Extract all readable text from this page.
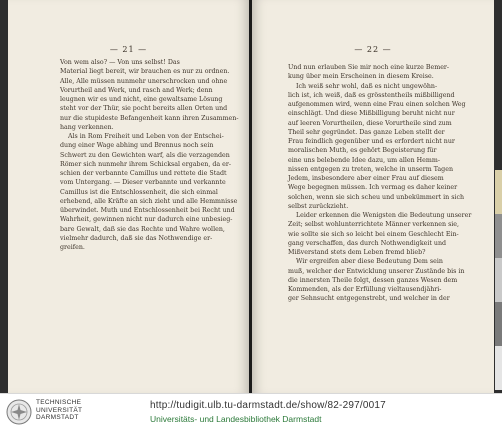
— 21 —
Von wem also? — Von uns selbst! Das
Material liegt bereit, wir brauchen es nur zu ordnen.
Alle, Alle müssen nunmehr unerschrocken und ohne
Vorurtheil and Werk, und rasch and Werk; denn
leugnen wir es und nicht, eine gewaltsame Lösung
steht vor der Thür, sie pocht bereits allen Orten und
nur die stupideste Befangenheit kann ihren Zusammen-
hang verkennen.
Als in Rom Freiheit und Leben von der Entschei-
dung einer Wage abhing und Brennus noch sein
Schwert zu den Gewichten warf, als die verzagenden
Römer sich nunmehr ihrem Schicksal ergaben, da er-
schien der verbannte Camillus und rettete die Stadt
vom Untergang. — Dieser verbannte und verkannte
Camillus ist die Entschlossenheit, die sich einmal
erhebend, alle Kräfte an sich zieht und alle Hemmnisse
überwindet. Muth und Entschlossenheit bei Recht und
Wahrheit, gewinnen nicht nur dadurch eine unbesieg-
bare Gewalt, daß sie das Rechte und Wahre wollen,
vielmehr dadurch, daß sie das Nothwendige er-
greifen.
— 22 —
Und nun erlauben Sie mir noch eine kurze Bemer-
kung über mein Erscheinen in diesem Kreise.
Ich weiß sehr wohl, daß es nicht ungewöhn-
lich ist, ich weiß, daß es grösstentheils mißbilligend
aufgenommen wird, wenn eine Frau einen solchen Weg
einschlägt. Und diese Mißbilligung beruht nicht nur
auf leeren Vorurtheilen, diese Vorurtheile sind zum
Theil sehr gegründet. Das ganze Leben stellt der
Frau feindlich gegenüber und es erfordert nicht nur
moralischen Muth, es gehört Begeisterung für
eine uns belebende Idee dazu, um allen Hemm-
nissen entgegen zu treten, welche in unserm Tagen
Jedem, insbesondere aber einer Frau auf diesem
Wege begegnen müssen. Ich vermag es daher keiner
solchen, wenn sie sich scheu und unbekümmert in sich
selbst zurückzieht.
Leider erkennen die Wenigsten die Bedeutung unserer
Zeit; selbst wohlunterrichtete Männer verkennen sie,
wie sollte sie sich so leicht bei einem Geschlecht Ein-
gang verschaffen, das durch Nothwendigkeit und
Mißverstand stets dem Leben fremd blieb?
Wir ergreifen aber diese Bedeutung Dem sein
muß, welcher der Entwicklung unserer Zustände bis in
die innersten Theile folgt, dessen ganzes Wesen dem
Kommenden, als der Erfüllung vieltausendjähri-
ger Sehnsucht entgegenstrebt, und welcher in der
TECHNISCHE
UNIVERSITÄT
DARMSTADT
http://tudigit.ulb.tu-darmstadt.de/show/82-297/0017
Universitäts- und Landesbibliothek Darmstadt
